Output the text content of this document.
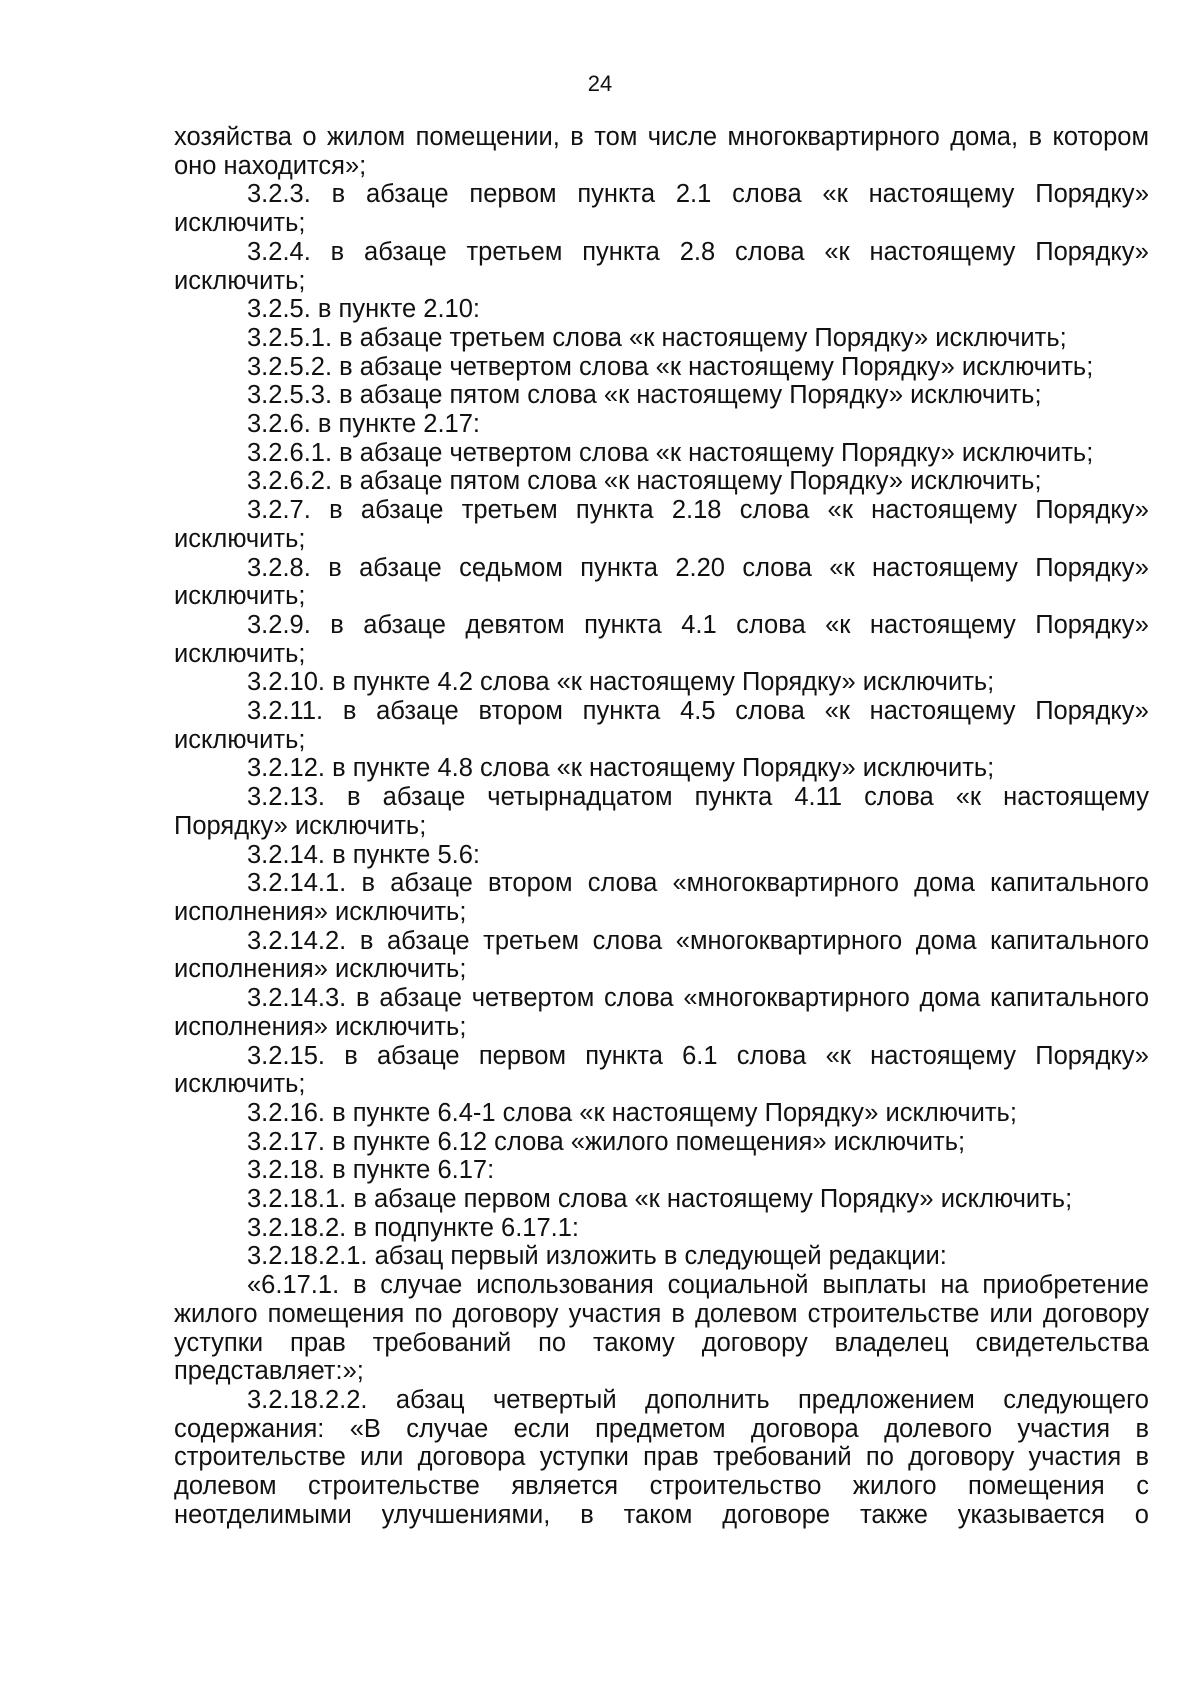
24

хозяйства о жилом помещении, в том числе многоквартирного дома, в котором оно находится»;

3.2.3. в абзаце первом пункта 2.1 слова «к настоящему Порядку» исключить;

3.2.4. в абзаце третьем пункта 2.8 слова «к настоящему Порядку» исключить;

3.2.5. в пункте 2.10:

3.2.5.1. в абзаце третьем слова «к настоящему Порядку» исключить;

3.2.5.2. в абзаце четвертом слова «к настоящему Порядку» исключить;

3.2.5.3. в абзаце пятом слова «к настоящему Порядку» исключить;

3.2.6. в пункте 2.17:

3.2.6.1. в абзаце четвертом слова «к настоящему Порядку» исключить;

3.2.6.2. в абзаце пятом слова «к настоящему Порядку» исключить;

3.2.7. в абзаце третьем пункта 2.18 слова «к настоящему Порядку» исключить;

3.2.8. в абзаце седьмом пункта 2.20 слова «к настоящему Порядку» исключить;

3.2.9. в абзаце девятом пункта 4.1 слова «к настоящему Порядку» исключить;

3.2.10. в пункте 4.2 слова «к настоящему Порядку» исключить;

3.2.11. в абзаце втором пункта 4.5 слова «к настоящему Порядку» исключить;

3.2.12. в пункте 4.8 слова «к настоящему Порядку» исключить;

3.2.13. в абзаце четырнадцатом пункта 4.11 слова «к настоящему Порядку» исключить;

3.2.14. в пункте 5.6:

3.2.14.1. в абзаце втором слова «многоквартирного дома капитального исполнения» исключить;

3.2.14.2. в абзаце третьем слова «многоквартирного дома капитального исполнения» исключить;

3.2.14.3. в абзаце четвертом слова «многоквартирного дома капитального исполнения» исключить;

3.2.15. в абзаце первом пункта 6.1 слова «к настоящему Порядку» исключить;

3.2.16. в пункте 6.4-1 слова «к настоящему Порядку» исключить;

3.2.17. в пункте 6.12 слова «жилого помещения» исключить;

3.2.18. в пункте 6.17:

3.2.18.1. в абзаце первом слова «к настоящему Порядку» исключить;

3.2.18.2. в подпункте 6.17.1:

3.2.18.2.1. абзац первый изложить в следующей редакции:

«6.17.1. в случае использования социальной выплаты на приобретение жилого помещения по договору участия в долевом строительстве или договору уступки прав требований по такому договору владелец свидетельства представляет:»;

3.2.18.2.2. абзац четвертый дополнить предложением следующего содержания: «В случае если предметом договора долевого участия в строительстве или договора уступки прав требований по договору участия в долевом строительстве является строительство жилого помещения с неотделимыми улучшениями, в таком договоре также указывается о
